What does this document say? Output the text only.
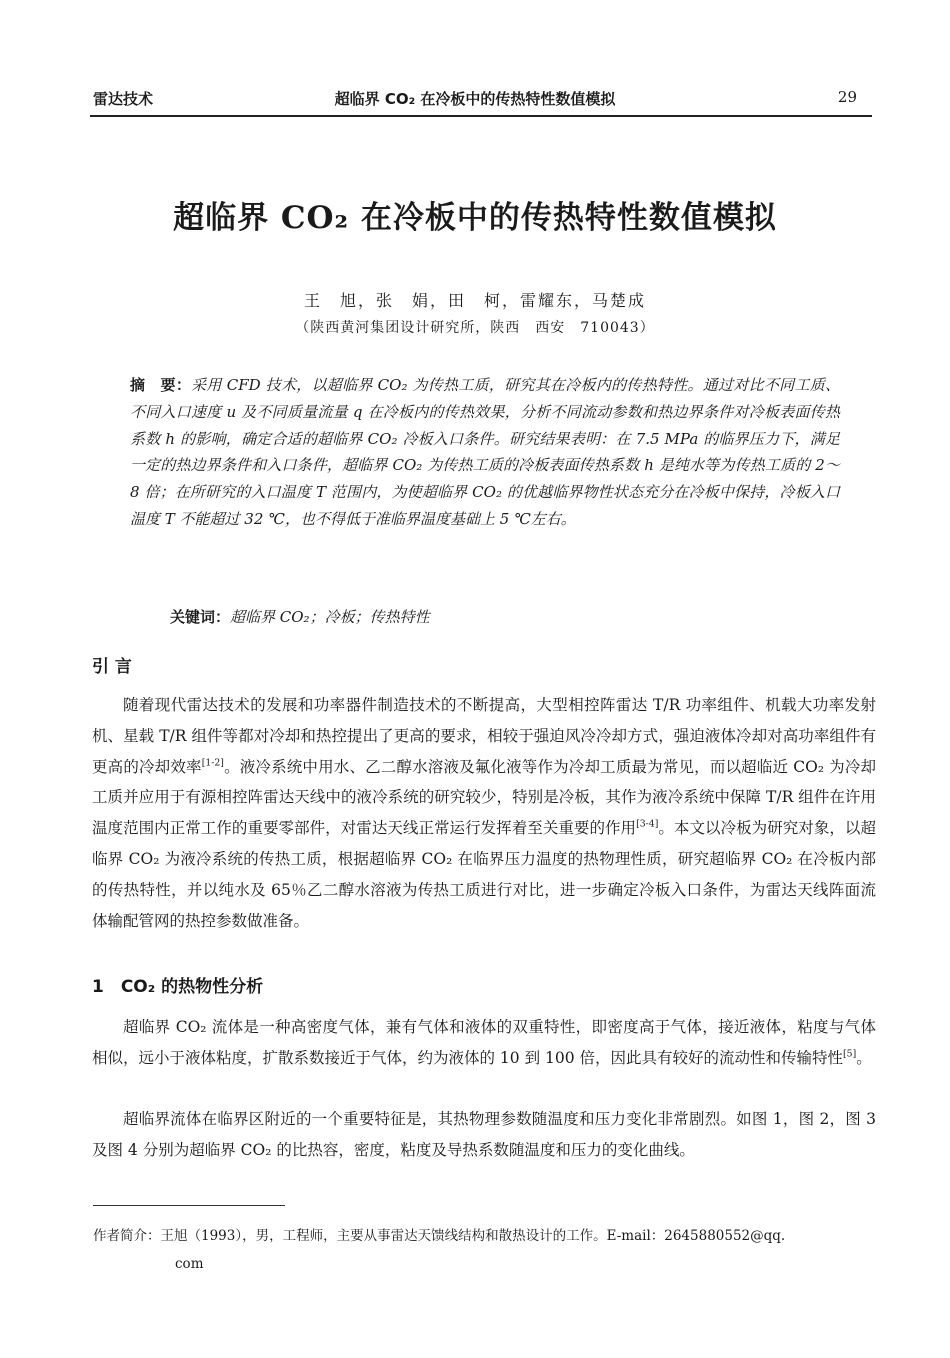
雷达技术	超临界 CO₂ 在冷板中的传热特性数值模拟	29
超临界 CO₂ 在冷板中的传热特性数值模拟
王　旭，张　娟，田　柯，雷耀东，马楚成
（陕西黄河集团设计研究所，陕西　西安　710043）
摘　要：采用 CFD 技术，以超临界 CO₂ 为传热工质，研究其在冷板内的传热特性。通过对比不同工质、不同入口速度 u 及不同质量流量 q 在冷板内的传热效果，分析不同流动参数和热边界条件对冷板表面传热系数 h 的影响，确定合适的超临界 CO₂ 冷板入口条件。研究结果表明：在 7.5 MPa 的临界压力下，满足一定的热边界条件和入口条件，超临界 CO₂ 为传热工质的冷板表面传热系数 h 是纯水等为传热工质的 2～8 倍；在所研究的入口温度 T 范围内，为使超临界 CO₂ 的优越临界物性状态充分在冷板中保持，冷板入口温度 T 不能超过 32 ℃，也不得低于准临界温度基础上 5 ℃左右。
关键词：超临界 CO₂；冷板；传热特性
引 言

随着现代雷达技术的发展和功率器件制造技术的不断提高，大型相控阵雷达 T/R 功率组件、机载大功率发射机、星载 T/R 组件等都对冷却和热控提出了更高的要求，相较于强迫风冷冷却方式，强迫液体冷却对高功率组件有更高的冷却效率[1-2]。液冷系统中用水、乙二醇水溶液及氟化液等作为冷却工质最为常见，而以超临近 CO₂ 为冷却工质并应用于有源相控阵雷达天线中的液冷系统的研究较少，特别是冷板，其作为液冷系统中保障 T/R 组件在许用温度范围内正常工作的重要零部件，对雷达天线正常运行发挥着至关重要的作用[3-4]。本文以冷板为研究对象，以超临界 CO₂ 为液冷系统的传热工质，根据超临界 CO₂ 在临界压力温度的热物理性质，研究超临界 CO₂ 在冷板内部的传热特性，并以纯水及 65％乙二醇水溶液为传热工质进行对比，进一步确定冷板入口条件，为雷达天线阵面流体输配管网的热控参数做准备。

1　CO₂ 的热物性分析

超临界 CO₂ 流体是一种高密度气体，兼有气体和液体的双重特性，即密度高于气体，接近液体，粘度与气体相似，远小于液体粘度，扩散系数接近于气体，约为液体的 10 到 100 倍，因此具有较好的流动性和传输特性[5]。

超临界流体在临界区附近的一个重要特征是，其热物理参数随温度和压力变化非常剧烈。如图 1，图 2，图 3 及图 4 分别为超临界 CO₂ 的比热容，密度，粘度及导热系数随温度和压力的变化曲线。

作者简介：王旭（1993），男，工程师，主要从事雷达天馈线结构和散热设计的工作。E-mail：2645880552@qq.
com
